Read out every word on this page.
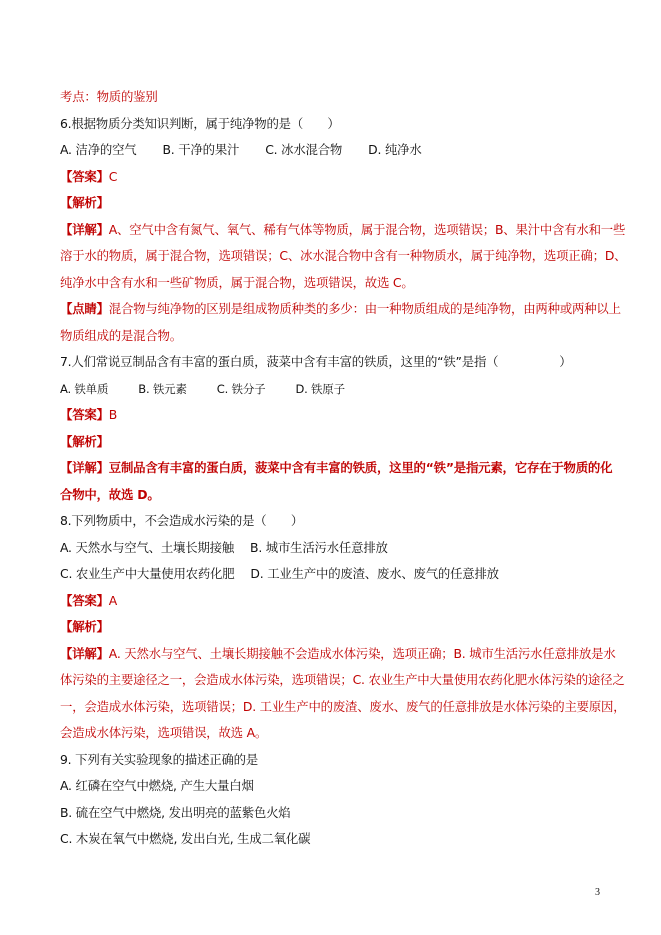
考点：物质的鉴别
6.根据物质分类知识判断，属于纯净物的是（　　）
A. 洁净的空气 B. 干净的果汁 C. 冰水混合物 D. 纯净水
【答案】C
【解析】
【详解】A、空气中含有氮气、氧气、稀有气体等物质，属于混合物，选项错误；B、果汁中含有水和一些
溶于水的物质，属于混合物，选项错误；C、冰水混合物中含有一种物质水，属于纯净物，选项正确；D、
纯净水中含有水和一些矿物质，属于混合物，选项错误，故选 C。
【点睛】混合物与纯净物的区别是组成物质种类的多少：由一种物质组成的是纯净物，由两种或两种以上
物质组成的是混合物。
7.人们常说豆制品含有丰富的蛋白质，菠菜中含有丰富的铁质，这里的“铁”是指（　　　　　）
A. 铁单质	B. 铁元素	C. 铁分子	D. 铁原子
【答案】B
【解析】
【详解】豆制品含有丰富的蛋白质，菠菜中含有丰富的铁质，这里的“铁”是指元素，它存在于物质的化
合物中，故选 D。
8.下列物质中，不会造成水污染的是（　　）
A. 天然水与空气、土壤长期接触 B. 城市生活污水任意排放
C. 农业生产中大量使用农药化肥 D. 工业生产中的废渣、废水、废气的任意排放
【答案】A
【解析】
【详解】A. 天然水与空气、土壤长期接触不会造成水体污染，选项正确；B. 城市生活污水任意排放是水
体污染的主要途径之一，会造成水体污染，选项错误；C. 农业生产中大量使用农药化肥水体污染的途径之
一，会造成水体污染，选项错误；D. 工业生产中的废渣、废水、废气的任意排放是水体污染的主要原因，
会造成水体污染，选项错误，故选 A。
9. 下列有关实验现象的描述正确的是
A. 红磷在空气中燃烧, 产生大量白烟
B. 硫在空气中燃烧, 发出明亮的蓝紫色火焰
C. 木炭在氧气中燃烧, 发出白光, 生成二氧化碳
3
